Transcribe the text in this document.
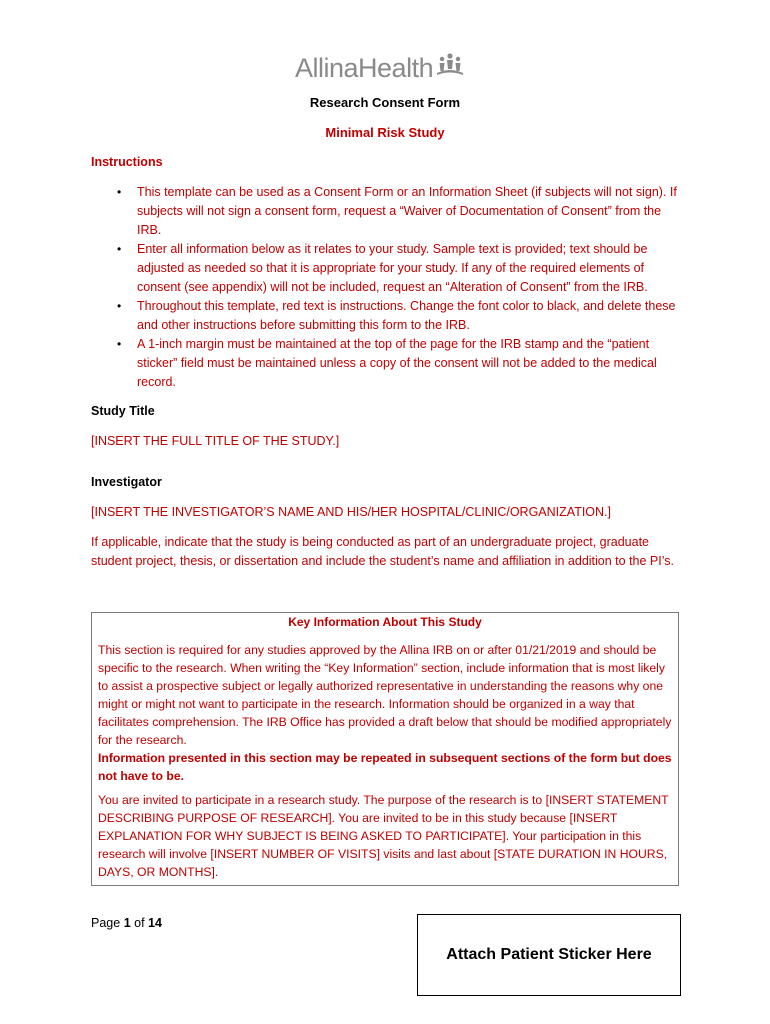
AllinaHealth
Research Consent Form
Minimal Risk Study
Instructions
• This template can be used as a Consent Form or an Information Sheet (if subjects will not sign). If subjects will not sign a consent form, request a “Waiver of Documentation of Consent” from the IRB.
• Enter all information below as it relates to your study. Sample text is provided; text should be adjusted as needed so that it is appropriate for your study. If any of the required elements of consent (see appendix) will not be included, request an “Alteration of Consent” from the IRB.
• Throughout this template, red text is instructions. Change the font color to black, and delete these and other instructions before submitting this form to the IRB.
• A 1-inch margin must be maintained at the top of the page for the IRB stamp and the “patient sticker” field must be maintained unless a copy of the consent will not be added to the medical record.
Study Title
[INSERT THE FULL TITLE OF THE STUDY.]
Investigator
[INSERT THE INVESTIGATOR’S NAME AND HIS/HER HOSPITAL/CLINIC/ORGANIZATION.]
If applicable, indicate that the study is being conducted as part of an undergraduate project, graduate student project, thesis, or dissertation and include the student’s name and affiliation in addition to the PI’s.
Key Information About This Study
This section is required for any studies approved by the Allina IRB on or after 01/21/2019 and should be specific to the research. When writing the “Key Information” section, include information that is most likely to assist a prospective subject or legally authorized representative in understanding the reasons why one might or might not want to participate in the research. Information should be organized in a way that facilitates comprehension. The IRB Office has provided a draft below that should be modified appropriately for the research.
Information presented in this section may be repeated in subsequent sections of the form but does not have to be.
You are invited to participate in a research study. The purpose of the research is to [INSERT STATEMENT DESCRIBING PURPOSE OF RESEARCH]. You are invited to be in this study because [INSERT EXPLANATION FOR WHY SUBJECT IS BEING ASKED TO PARTICIPATE]. Your participation in this research will involve [INSERT NUMBER OF VISITS] visits and last about [STATE DURATION IN HOURS, DAYS, OR MONTHS].
Page 1 of 14
Attach Patient Sticker Here
